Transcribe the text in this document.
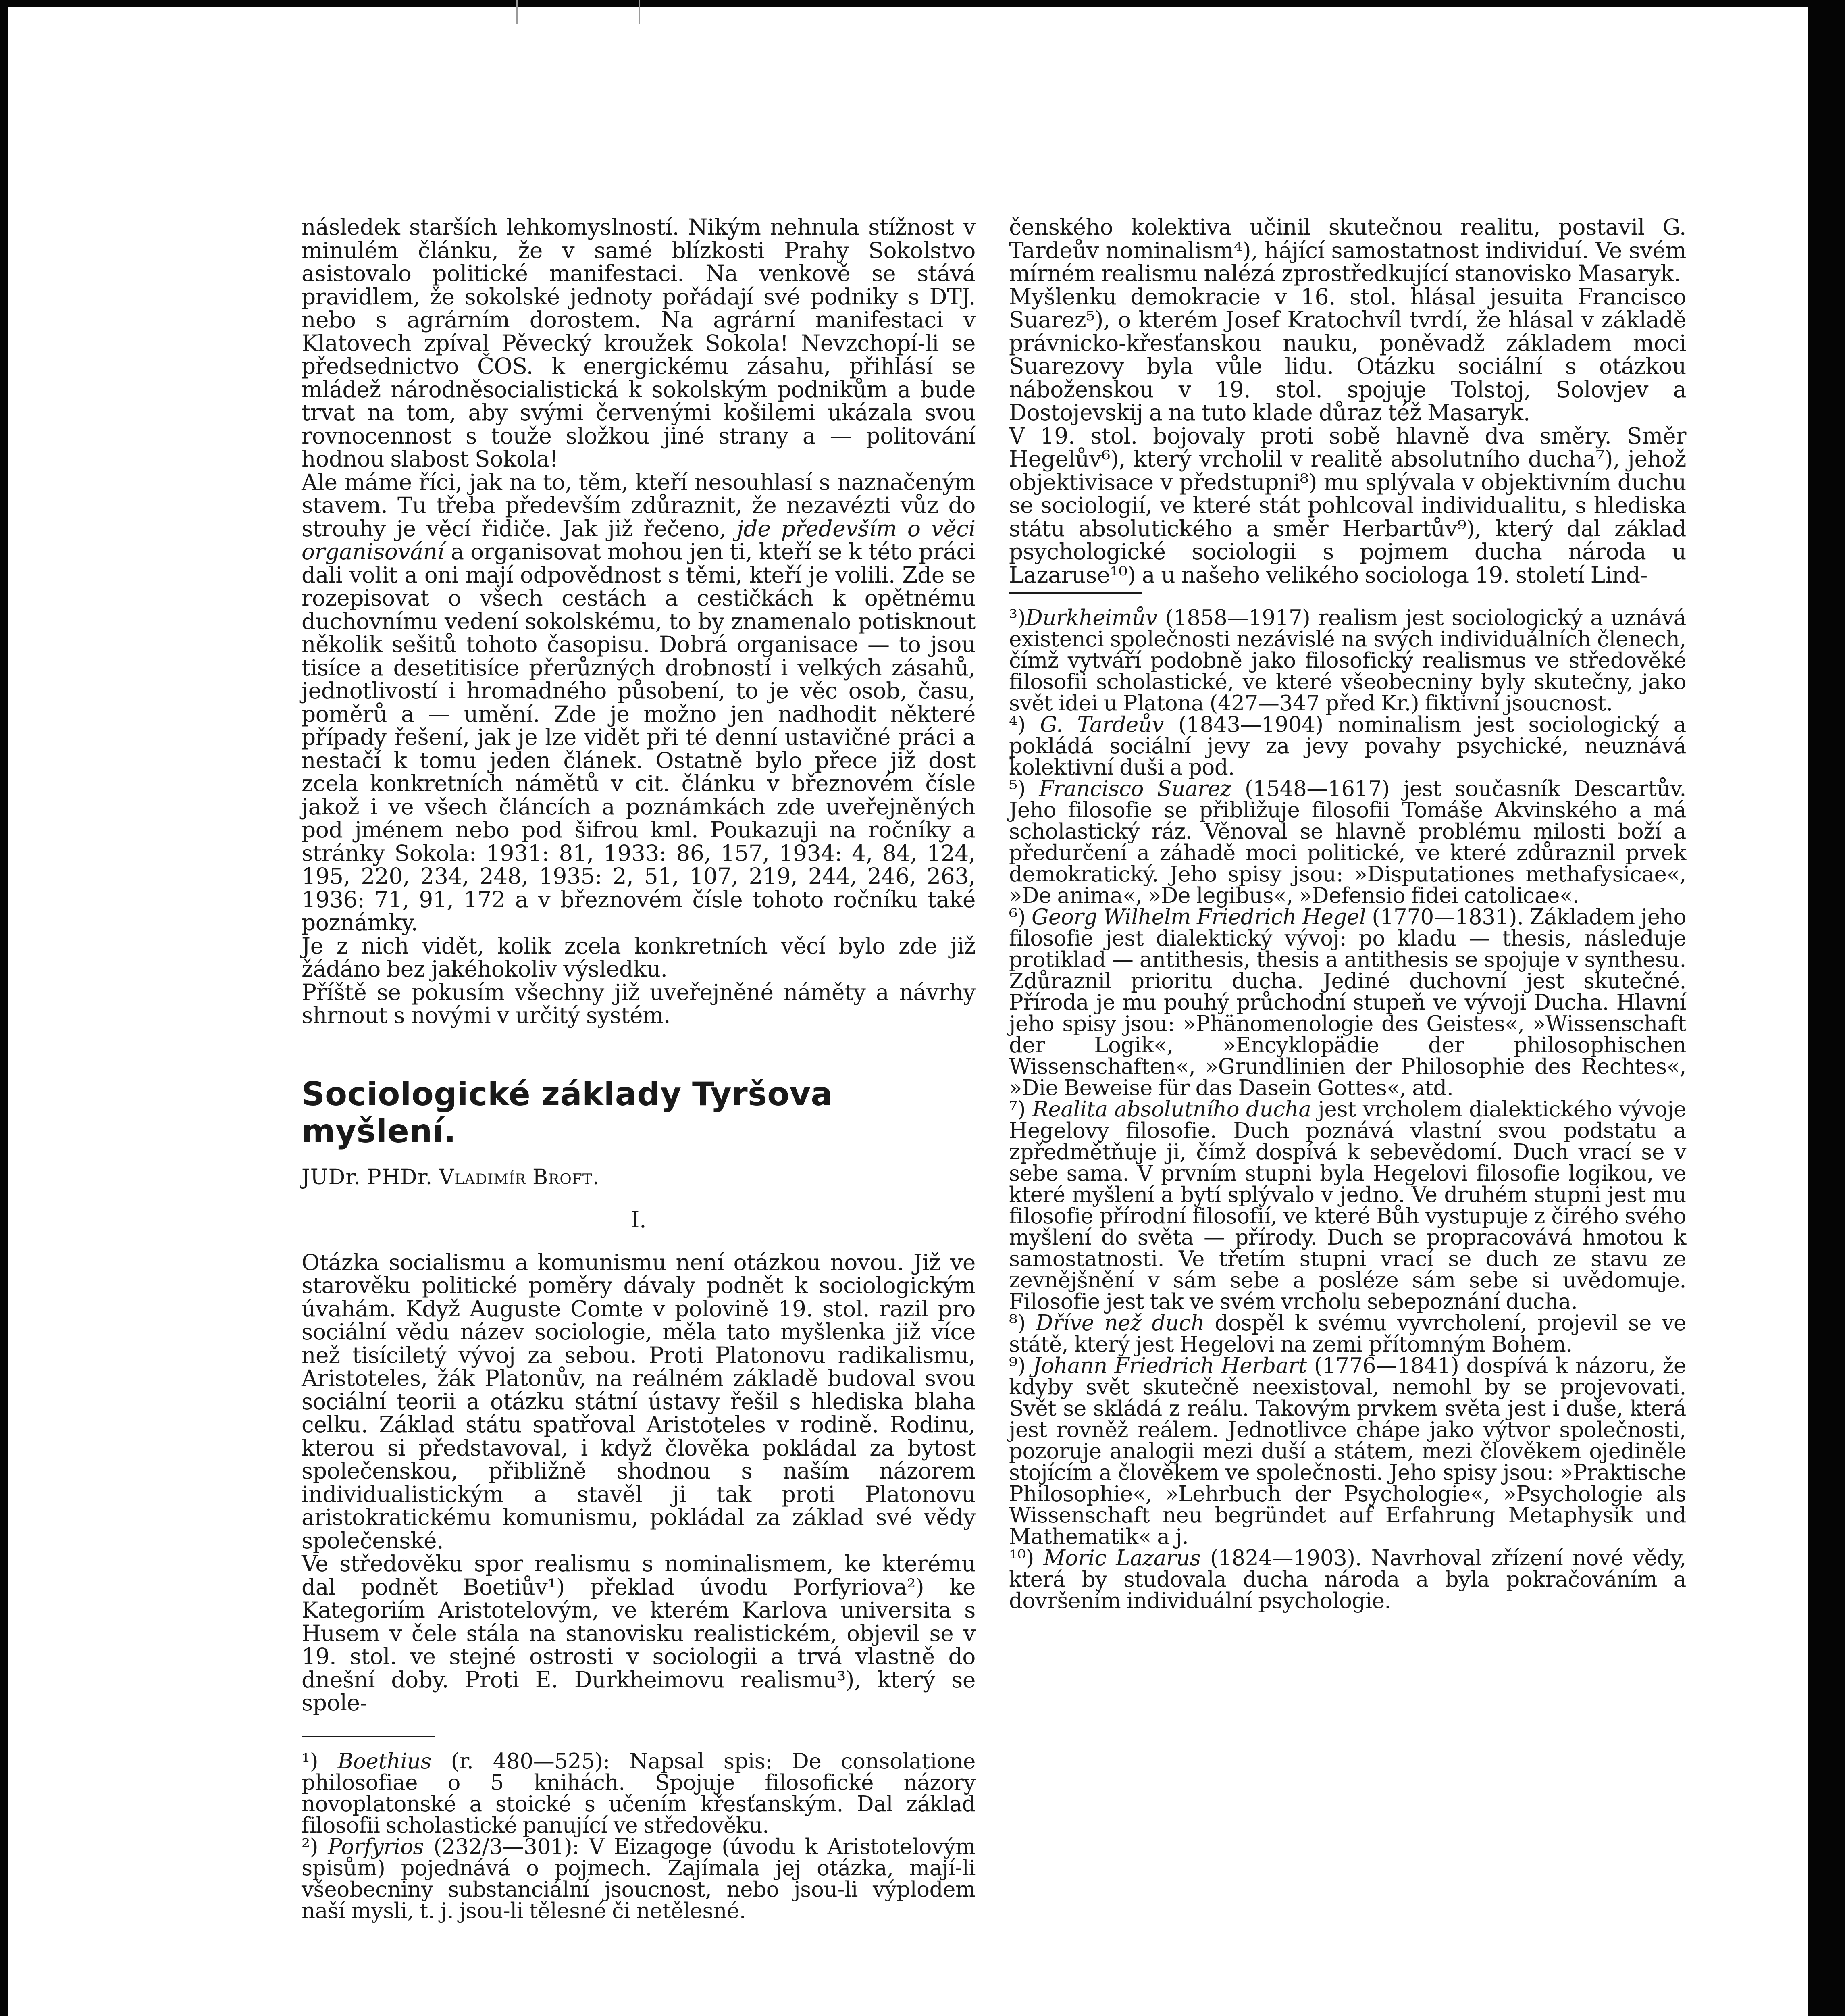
následek starších lehkomyslností. Nikým nehnula stížnost v minulém článku, že v samé blízkosti Prahy Sokolstvo asistovalo politické manifestaci. Na venkově se stává pravidlem, že sokolské jednoty pořádají své podniky s DTJ. nebo s agrárním dorostem. Na agrární manifestaci v Klatovech zpíval Pěvecký kroužek Sokola! Nevzchopí-li se předsednictvo ČOS. k energickému zásahu, přihlásí se mládež národněsocialistická k sokolským podnikům a bude trvat na tom, aby svými červenými košilemi ukázala svou rovnocennost s touže složkou jiné strany a — politování hodnou slabost Sokola!

Ale máme říci, jak na to, těm, kteří nesouhlasí s naznačeným stavem. Tu třeba především zdůraznit, že nezavézti vůz do strouhy je věcí řidiče. Jak již řečeno, jde především o věci organisování a organisovat mohou jen ti, kteří se k této práci dali volit a oni mají odpovědnost s těmi, kteří je volili. Zde se rozepisovat o všech cestách a cestičkách k opětnému duchovnímu vedení sokolskému, to by znamenalo potisknout několik sešitů tohoto časopisu. Dobrá organisace — to jsou tisíce a desetitisíce přerůzných drobností i velkých zásahů, jednotlivostí i hromadného působení, to je věc osob, času, poměrů a — umění. Zde je možno jen nadhodit některé případy řešení, jak je lze vidět při té denní ustavičné práci a nestačí k tomu jeden článek. Ostatně bylo přece již dost zcela konkretních námětů v cit. článku v březnovém čísle jakož i ve všech článcích a poznámkách zde uveřejněných pod jménem nebo pod šifrou kml. Poukazuji na ročníky a stránky Sokola: 1931: 81, 1933: 86, 157, 1934: 4, 84, 124, 195, 220, 234, 248, 1935: 2, 51, 107, 219, 244, 246, 263, 1936: 71, 91, 172 a v březnovém čísle tohoto ročníku také poznámky.

Je z nich vidět, kolik zcela konkretních věcí bylo zde již žádáno bez jakéhokoliv výsledku.

Příště se pokusím všechny již uveřejněné náměty a návrhy shrnout s novými v určitý systém.

Sociologické základy Tyršova myšlení.
JUDr. PHDr. Vladimír Broft.
I.

Otázka socialismu a komunismu není otázkou novou. Již ve starověku politické poměry dávaly podnět k sociologickým úvahám. Když Auguste Comte v polovině 19. stol. razil pro sociální vědu název sociologie, měla tato myšlenka již více než tisíciletý vývoj za sebou. Proti Platonovu radikalismu, Aristoteles, žák Platonův, na reálném základě budoval svou sociální teorii a otázku státní ústavy řešil s hlediska blaha celku. Základ státu spatřoval Aristoteles v rodině. Rodinu, kterou si představoval, i když člověka pokládal za bytost společenskou, přibližně shodnou s naším názorem individualistickým a stavěl ji tak proti Platonovu aristokratickému komunismu, pokládal za základ své vědy společenské.

Ve středověku spor realismu s nominalismem, ke kterému dal podnět Boetiův¹) překlad úvodu Porfyriova²) ke Kategoriím Aristotelovým, ve kterém Karlova universita s Husem v čele stála na stanovisku realistickém, objevil se v 19. stol. ve stejné ostrosti v sociologii a trvá vlastně do dnešní doby. Proti E. Durkheimovu realismu³), který se spole-

¹) Boethius (r. 480—525): Napsal spis: De consolatione philosofiae o 5 knihách. Spojuje filosofické názory novoplatonské a stoické s učením křesťanským. Dal základ filosofii scholastické panující ve středověku.

²) Porfyrios (232/3—301): V Eizagoge (úvodu k Aristotelovým spisům) pojednává o pojmech. Zajímala jej otázka, mají-li všeobecniny substanciální jsoucnost, nebo jsou-li výplodem naší mysli, t. j. jsou-li tělesné či netělesné.

čenského kolektiva učinil skutečnou realitu, postavil G. Tardeův nominalism⁴), hájící samostatnost individuí. Ve svém mírném realismu nalézá zprostředkující stanovisko Masaryk.

Myšlenku demokracie v 16. stol. hlásal jesuita Francisco Suarez⁵), o kterém Josef Kratochvíl tvrdí, že hlásal v základě právnicko-křesťanskou nauku, poněvadž základem moci Suarezovy byla vůle lidu. Otázku sociální s otázkou náboženskou v 19. stol. spojuje Tolstoj, Solovjev a Dostojevskij a na tuto klade důraz též Masaryk.

V 19. stol. bojovaly proti sobě hlavně dva směry. Směr Hegelův⁶), který vrcholil v realitě absolutního ducha⁷), jehož objektivisace v předstupni⁸) mu splývala v objektivním duchu se sociologií, ve které stát pohlcoval individualitu, s hlediska státu absolutického a směr Herbartův⁹), který dal základ psychologické sociologii s pojmem ducha národa u Lazaruse¹⁰) a u našeho velikého sociologa 19. století Lind-

³)Durkheimův (1858—1917) realism jest sociologický a uznává existenci společnosti nezávislé na svých individuálních členech, čímž vytváří podobně jako filosofický realismus ve středověké filosofii scholastické, ve které všeobecniny byly skutečny, jako svět idei u Platona (427—347 před Kr.) fiktivní jsoucnost.

⁴) G. Tardeův (1843—1904) nominalism jest sociologický a pokládá sociální jevy za jevy povahy psychické, neuznává kolektivní duši a pod.

⁵) Francisco Suarez (1548—1617) jest současník Descartův. Jeho filosofie se přibližuje filosofii Tomáše Akvinského a má scholastický ráz. Věnoval se hlavně problému milosti boží a předurčení a záhadě moci politické, ve které zdůraznil prvek demokratický. Jeho spisy jsou: »Disputationes methafysicae«, »De anima«, »De legibus«, »Defensio fidei catolicae«.

⁶) Georg Wilhelm Friedrich Hegel (1770—1831). Základem jeho filosofie jest dialektický vývoj: po kladu — thesis, následuje protiklad — antithesis, thesis a antithesis se spojuje v synthesu. Zdůraznil prioritu ducha. Jediné duchovní jest skutečné. Příroda je mu pouhý průchodní stupeň ve vývoji Ducha. Hlavní jeho spisy jsou: »Phänomenologie des Geistes«, »Wissenschaft der Logik«, »Encyklopädie der philosophischen Wissenschaften«, »Grundlinien der Philosophie des Rechtes«, »Die Beweise für das Dasein Gottes«, atd.

⁷) Realita absolutního ducha jest vrcholem dialektického vývoje Hegelovy filosofie. Duch poznává vlastní svou podstatu a zpředmětňuje ji, čímž dospívá k sebevědomí. Duch vrací se v sebe sama. V prvním stupni byla Hegelovi filosofie logikou, ve které myšlení a bytí splývalo v jedno. Ve druhém stupni jest mu filosofie přírodní filosofií, ve které Bůh vystupuje z čirého svého myšlení do světa — přírody. Duch se propracovává hmotou k samostatnosti. Ve třetím stupni vrací se duch ze stavu ze zevnějšnění v sám sebe a posléze sám sebe si uvědomuje. Filosofie jest tak ve svém vrcholu sebepoznání ducha.

⁸) Dříve než duch dospěl k svému vyvrcholení, projevil se ve státě, který jest Hegelovi na zemi přítomným Bohem.

⁹) Johann Friedrich Herbart (1776—1841) dospívá k názoru, že kdyby svět skutečně neexistoval, nemohl by se projevovati. Svět se skládá z reálu. Takovým prvkem světa jest i duše, která jest rovněž reálem. Jednotlivce chápe jako výtvor společnosti, pozoruje analogii mezi duší a státem, mezi člověkem ojediněle stojícím a člověkem ve společnosti. Jeho spisy jsou: »Praktische Philosophie«, »Lehrbuch der Psychologie«, »Psychologie als Wissenschaft neu begründet auf Erfahrung Metaphysik und Mathematik« a j.

¹⁰) Moric Lazarus (1824—1903). Navrhoval zřízení nové vědy, která by studovala ducha národa a byla pokračováním a dovršením individuální psychologie.
